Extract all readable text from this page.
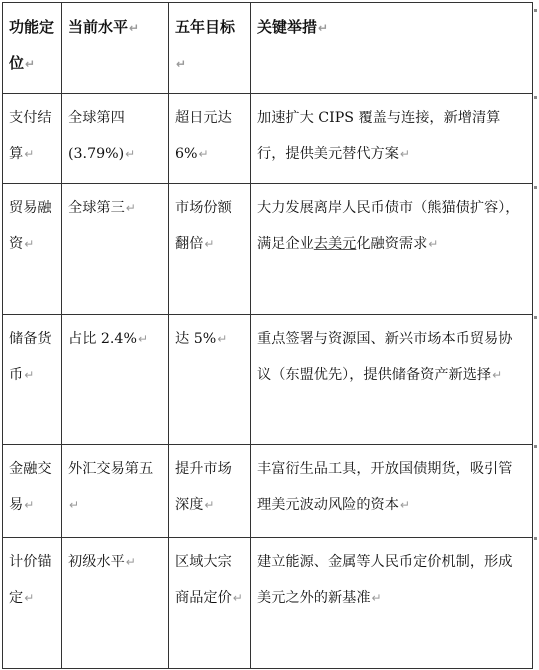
功能定位↵	当前水平↵	五年目标↵	关键举措↵
支付结算↵	全球第四(3.79%)↵	超日元达 6%↵	加速扩大 CIPS 覆盖与连接，新增清算行，提供美元替代方案↵
贸易融资↵	全球第三↵	市场份额翻倍↵	大力发展离岸人民币债市（熊猫债扩容），满足企业去美元化融资需求↵
储备货币↵	占比 2.4%↵	达 5%↵	重点签署与资源国、新兴市场本币贸易协议（东盟优先），提供储备资产新选择↵
金融交易↵	外汇交易第五↵	提升市场深度↵	丰富衍生品工具，开放国债期货，吸引管理美元波动风险的资本↵
计价锚定↵	初级水平↵	区域大宗商品定价↵	建立能源、金属等人民币定价机制，形成美元之外的新基准↵
